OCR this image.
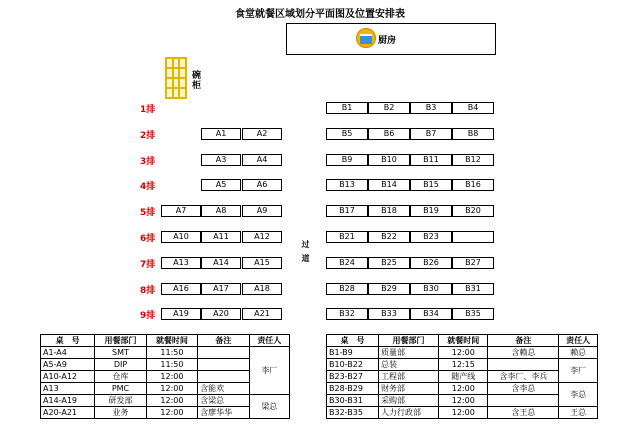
食堂就餐区域划分平面图及位置安排表
厨房
碗柜
过道
1排	B1	B2	B3	B4
2排	A1	A2	B5	B6	B7	B8
3排	A3	A4	B9	B10	B11	B12
4排	A5	A6	B13	B14	B15	B16
5排	A7	A8	A9	B17	B18	B19	B20
6排	A10	A11	A12	B21	B22	B23
7排	A13	A14	A15	B24	B25	B26	B27
8排	A16	A17	A18	B28	B29	B30	B31
9排	A19	A20	A21	B32	B33	B34	B35
桌　号	用餐部门	就餐时间	备注	责任人
A1-A4	SMT	11:50		李厂
A5-A9	DIP	11:50		
A10-A12	仓库	12:00		
A13	PMC	12:00	含能欢	
A14-A19	研发部	12:00	含梁总	梁总
A20-A21	业务	12:00	含廖华华	
桌　号	用餐部门	就餐时间	备注	责任人
B1-B9	质量部	12:00	含赖总	赖总
B10-B22	总装	12:15		李厂
B23-B27	工程部	随产线	含李厂、李兵	
B28-B29	财务部	12:00	含李总	李总
B30-B31	采购部	12:00		
B32-B35	人力行政部	12:00	含王总	王总
